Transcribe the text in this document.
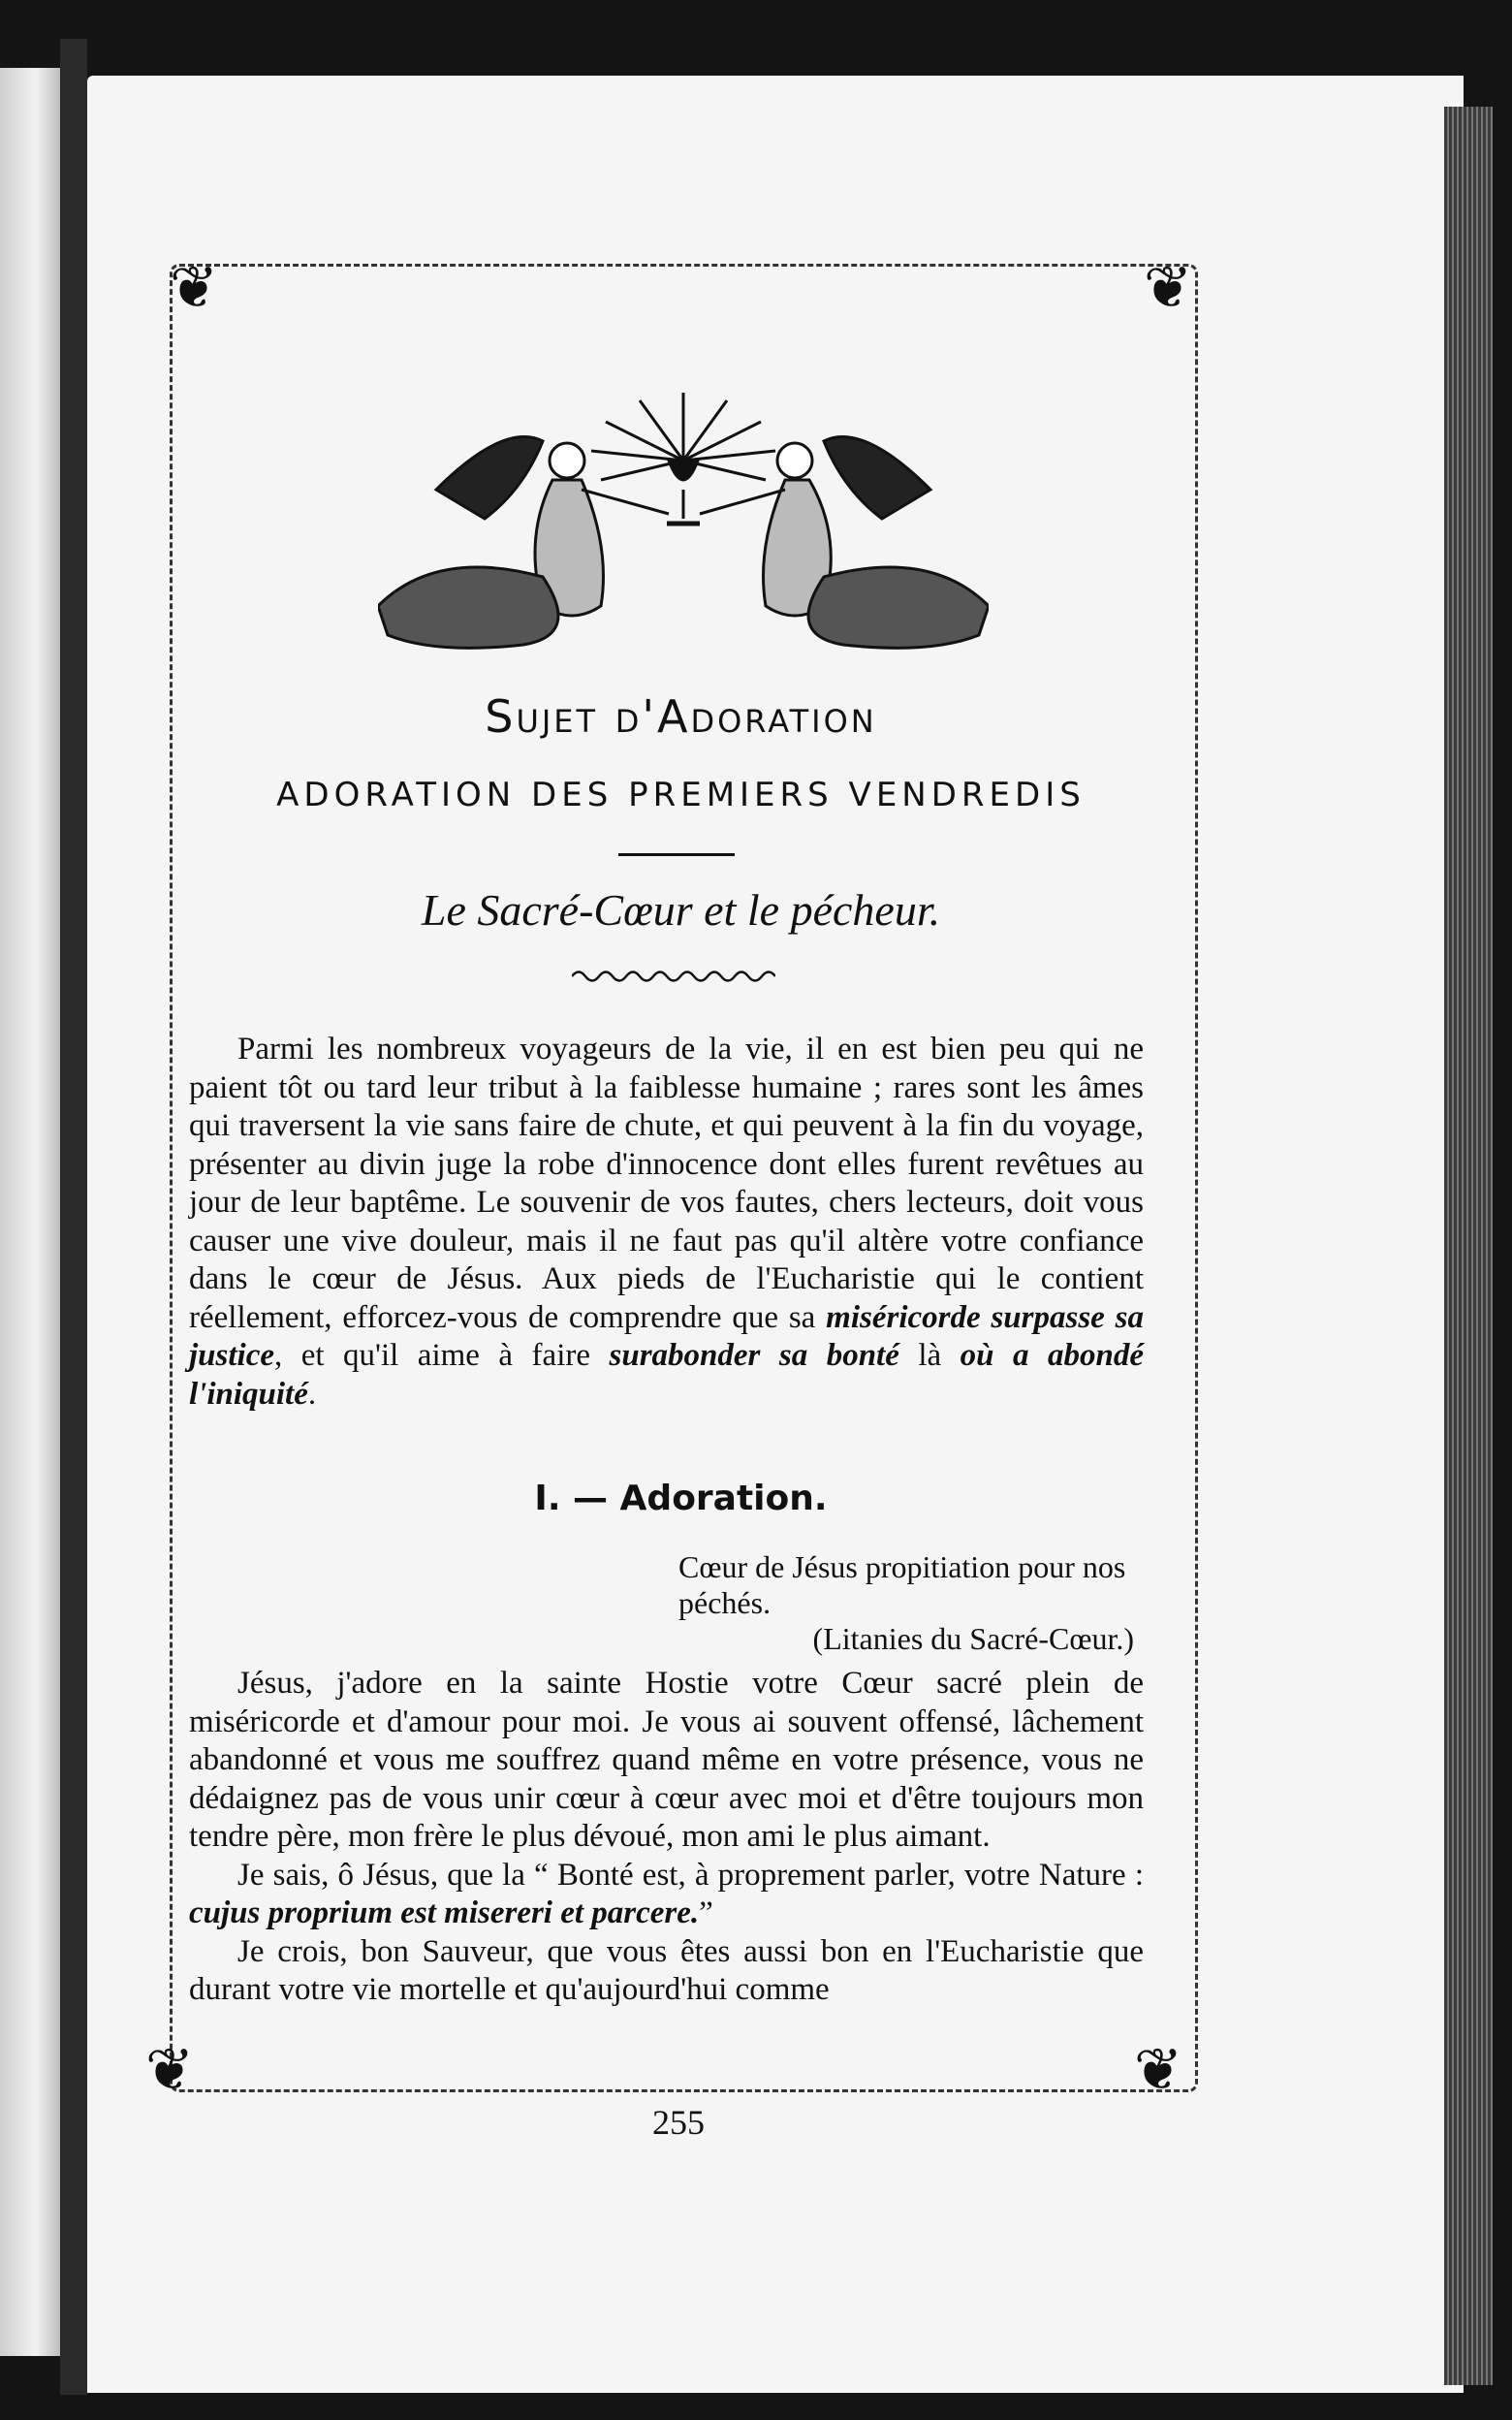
❦	❦
❦	❦
Sujet d'Adoration
ADORATION DES PREMIERS VENDREDIS
Le Sacré-Cœur et le pécheur.

Parmi les nombreux voyageurs de la vie, il en est bien peu qui ne paient tôt ou tard leur tribut à la faiblesse humaine ; rares sont les âmes qui traversent la vie sans faire de chute, et qui peuvent à la fin du voyage, présenter au divin juge la robe d'innocence dont elles furent revêtues au jour de leur baptême. Le souvenir de vos fautes, chers lecteurs, doit vous causer une vive douleur, mais il ne faut pas qu'il altère votre confiance dans le cœur de Jésus. Aux pieds de l'Eucharistie qui le contient réellement, efforcez-vous de comprendre que sa miséricorde surpasse sa justice, et qu'il aime à faire surabonder sa bonté là où a abondé l'iniquité.

I. — Adoration.
Cœur de Jésus propitiation pour nos péchés.
(Litanies du Sacré-Cœur.)

Jésus, j'adore en la sainte Hostie votre Cœur sacré plein de miséricorde et d'amour pour moi. Je vous ai souvent offensé, lâchement abandonné et vous me souffrez quand même en votre présence, vous ne dédaignez pas de vous unir cœur à cœur avec moi et d'être toujours mon tendre père, mon frère le plus dévoué, mon ami le plus aimant.

Je sais, ô Jésus, que la “ Bonté est, à proprement parler, votre Nature : cujus proprium est misereri et parcere.”

Je crois, bon Sauveur, que vous êtes aussi bon en l'Eucharistie que durant votre vie mortelle et qu'aujourd'hui comme

255
